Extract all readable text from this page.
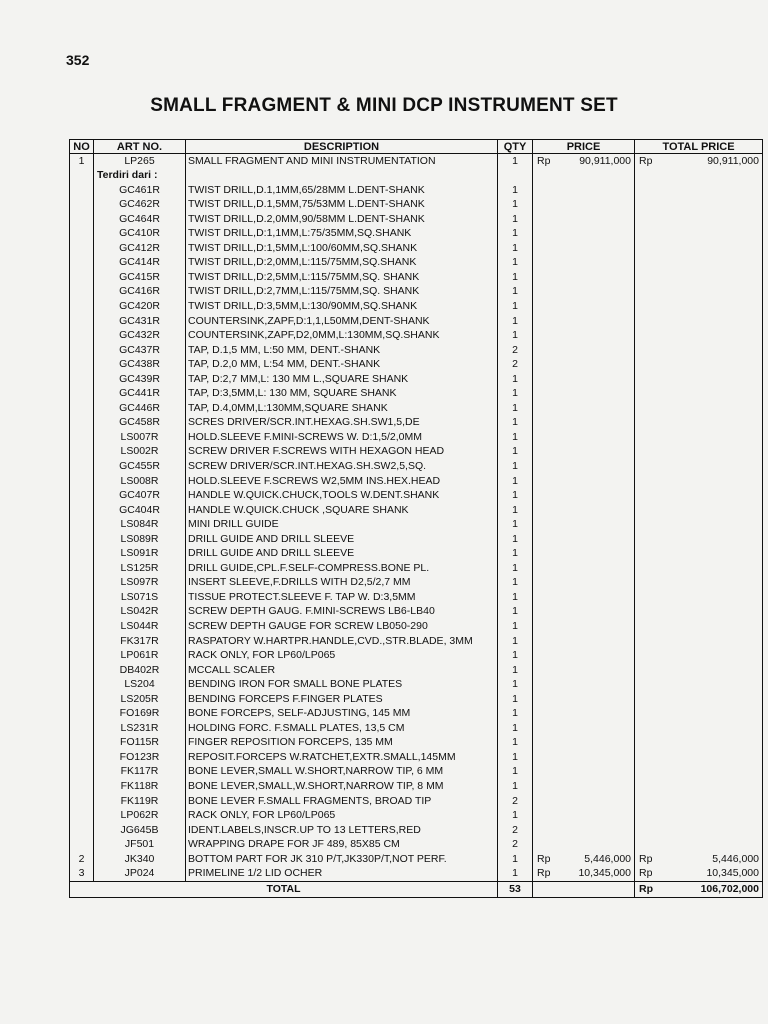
352
SMALL FRAGMENT & MINI DCP INSTRUMENT SET
NO	ART NO.	DESCRIPTION	QTY	PRICE		TOTAL PRICE	
1	LP265	SMALL FRAGMENT AND MINI INSTRUMENTATION	1	Rp	90,911,000	Rp	90,911,000
	Terdiri dari :						
	GC461R	TWIST DRILL,D.1,1MM,65/28MM L.DENT-SHANK	1				
	GC462R	TWIST DRILL,D.1,5MM,75/53MM L.DENT-SHANK	1				
	GC464R	TWIST DRILL,D.2,0MM,90/58MM L.DENT-SHANK	1				
	GC410R	TWIST DRILL,D:1,1MM,L:75/35MM,SQ.SHANK	1				
	GC412R	TWIST DRILL,D:1,5MM,L:100/60MM,SQ.SHANK	1				
	GC414R	TWIST DRILL,D:2,0MM,L:115/75MM,SQ.SHANK	1				
	GC415R	TWIST DRILL,D:2,5MM,L:115/75MM,SQ. SHANK	1				
	GC416R	TWIST DRILL,D:2,7MM,L:115/75MM,SQ. SHANK	1				
	GC420R	TWIST DRILL,D:3,5MM,L:130/90MM,SQ.SHANK	1				
	GC431R	COUNTERSINK,ZAPF,D:1,1,L50MM,DENT-SHANK	1				
	GC432R	COUNTERSINK,ZAPF,D2,0MM,L:130MM,SQ.SHANK	1				
	GC437R	TAP, D.1,5 MM, L:50 MM, DENT.-SHANK	2				
	GC438R	TAP, D.2,0 MM, L:54 MM, DENT.-SHANK	2				
	GC439R	TAP, D:2,7 MM,L: 130 MM L.,SQUARE SHANK	1				
	GC441R	TAP, D:3,5MM,L: 130 MM, SQUARE SHANK	1				
	GC446R	TAP, D.4,0MM,L:130MM,SQUARE SHANK	1				
	GC458R	SCRES DRIVER/SCR.INT.HEXAG.SH.SW1,5,DE	1				
	LS007R	HOLD.SLEEVE F.MINI-SCREWS W. D:1,5/2,0MM	1				
	LS002R	SCREW DRIVER F.SCREWS WITH HEXAGON HEAD	1				
	GC455R	SCREW DRIVER/SCR.INT.HEXAG.SH.SW2,5,SQ.	1				
	LS008R	HOLD.SLEEVE F.SCREWS W2,5MM INS.HEX.HEAD	1				
	GC407R	HANDLE W.QUICK.CHUCK,TOOLS W.DENT.SHANK	1				
	GC404R	HANDLE W.QUICK.CHUCK ,SQUARE SHANK	1				
	LS084R	MINI DRILL GUIDE	1				
	LS089R	DRILL GUIDE AND DRILL SLEEVE	1				
	LS091R	DRILL GUIDE AND DRILL SLEEVE	1				
	LS125R	DRILL GUIDE,CPL.F.SELF-COMPRESS.BONE PL.	1				
	LS097R	INSERT SLEEVE,F.DRILLS WITH D2,5/2,7 MM	1				
	LS071S	TISSUE PROTECT.SLEEVE F. TAP W. D:3,5MM	1				
	LS042R	SCREW DEPTH GAUG. F.MINI-SCREWS LB6-LB40	1				
	LS044R	SCREW DEPTH GAUGE FOR SCREW LB050-290	1				
	FK317R	RASPATORY W.HARTPR.HANDLE,CVD.,STR.BLADE, 3MM	1				
	LP061R	RACK ONLY, FOR LP60/LP065	1				
	DB402R	MCCALL SCALER	1				
	LS204	BENDING IRON FOR SMALL BONE PLATES	1				
	LS205R	BENDING FORCEPS F.FINGER PLATES	1				
	FO169R	BONE FORCEPS, SELF-ADJUSTING, 145 MM	1				
	LS231R	HOLDING FORC. F.SMALL PLATES, 13,5 CM	1				
	FO115R	FINGER REPOSITION FORCEPS, 135 MM	1				
	FO123R	REPOSIT.FORCEPS W.RATCHET,EXTR.SMALL,145MM	1				
	FK117R	BONE LEVER,SMALL W.SHORT,NARROW TIP, 6 MM	1				
	FK118R	BONE LEVER,SMALL,W.SHORT,NARROW TIP, 8 MM	1				
	FK119R	BONE LEVER F.SMALL FRAGMENTS, BROAD TIP	2				
	LP062R	RACK ONLY, FOR LP60/LP065	1				
	JG645B	IDENT.LABELS,INSCR.UP TO 13 LETTERS,RED	2				
	JF501	WRAPPING DRAPE FOR JF 489, 85X85 CM	2				
2	JK340	BOTTOM PART FOR JK 310 P/T,JK330P/T,NOT PERF.	1	Rp	5,446,000	Rp	5,446,000
3	JP024	PRIMELINE 1/2 LID OCHER	1	Rp	10,345,000	Rp	10,345,000
TOTAL			53			Rp	106,702,000
